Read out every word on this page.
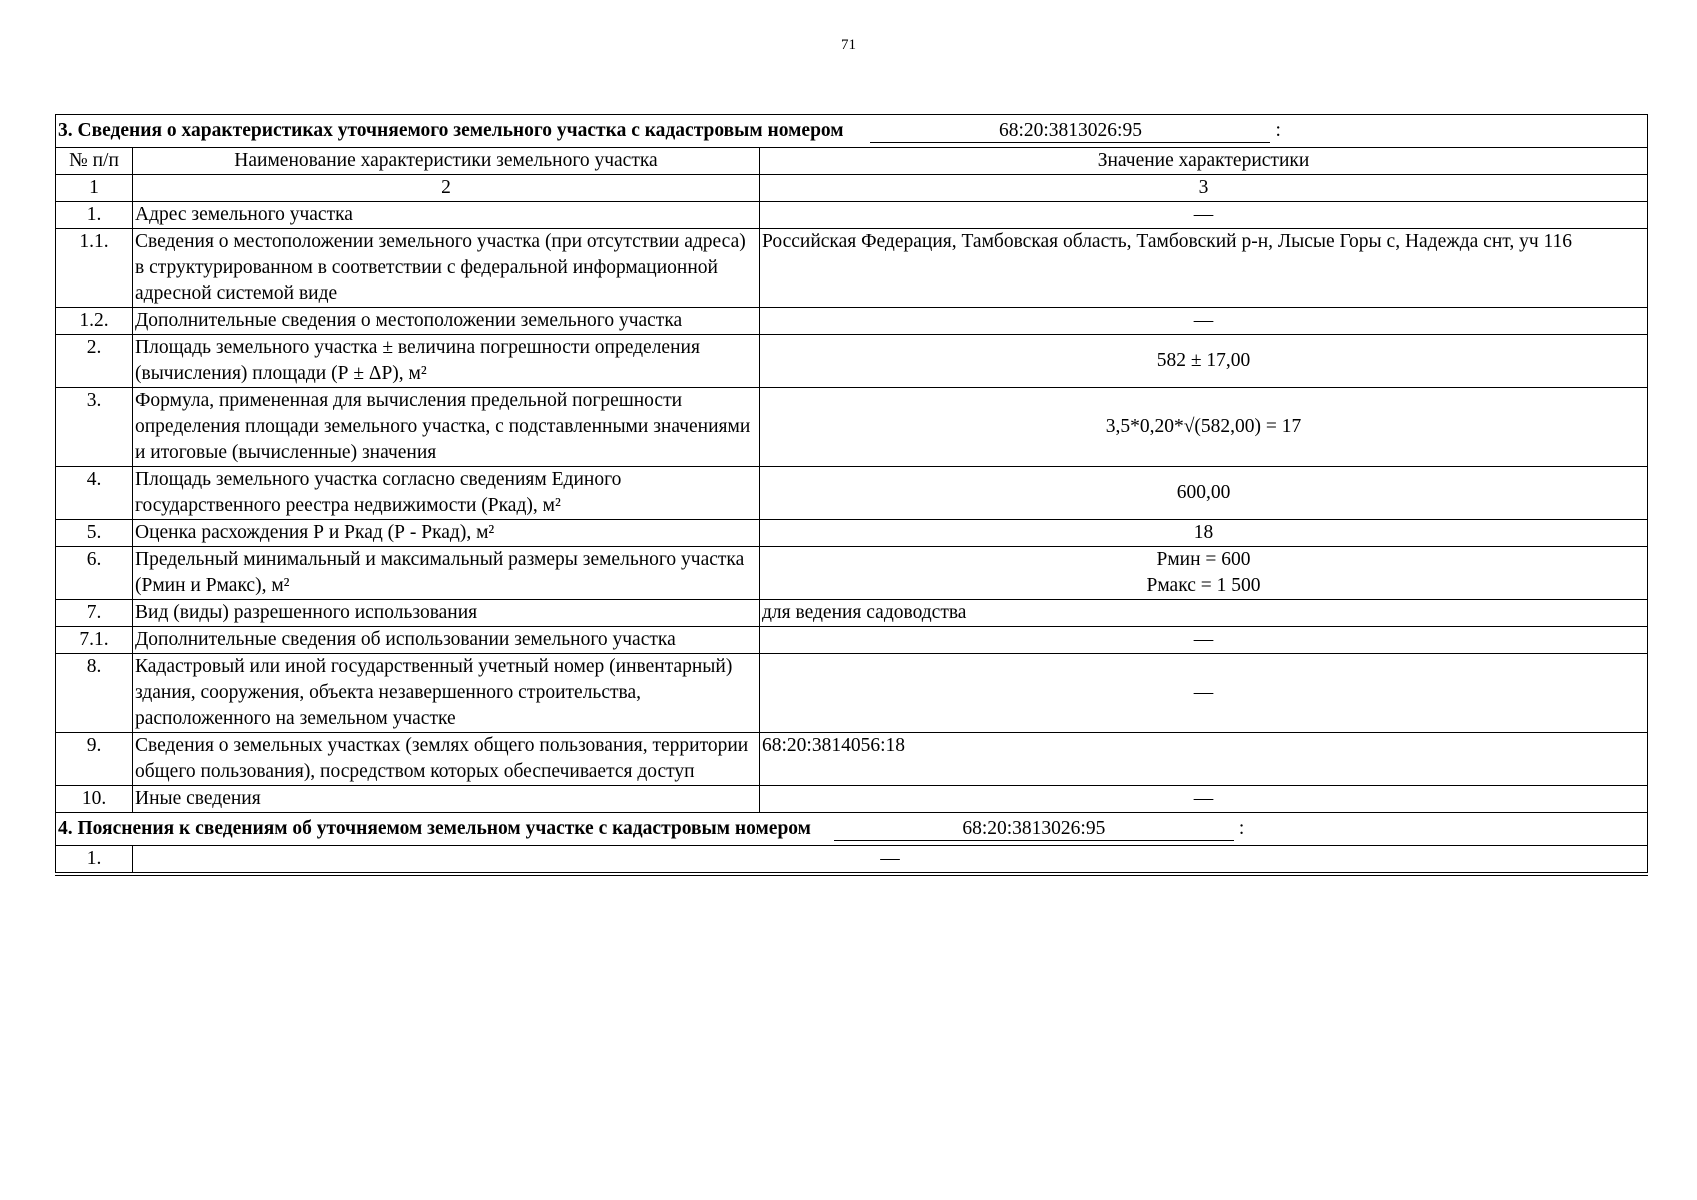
71
3. Сведения о характеристиках уточняемого земельного участка с кадастровым номером 68:20:3813026:95 :		
№ п/п	Наименование характеристики земельного участка	Значение характеристики
1	2	3
1.	Адрес земельного участка	—
1.1.	Сведения о местоположении земельного участка (при отсутствии адреса) в структурированном в соответствии с федеральной информационной адресной системой виде	Российская Федерация, Тамбовская область, Тамбовский р-н, Лысые Горы с, Надежда снт, уч 116
1.2.	Дополнительные сведения о местоположении земельного участка	—
2.	Площадь земельного участка ± величина погрешности определения (вычисления) площади (Р ± ΔР), м²	582 ± 17,00
3.	Формула, примененная для вычисления предельной погрешности определения площади земельного участка, с подставленными значениями и итоговые (вычисленные) значения	3,5*0,20*√(582,00) = 17
4.	Площадь земельного участка согласно сведениям Единого государственного реестра недвижимости (Ркад), м²	600,00
5.	Оценка расхождения Р и Ркад (Р - Ркад), м²	18
6.	Предельный минимальный и максимальный размеры земельного участка (Рмин и Рмакс), м²	Рмин = 600
Рмакс = 1 500

7.	Вид (виды) разрешенного использования	для ведения садоводства
7.1.	Дополнительные сведения об использовании земельного участка	—
8.	Кадастровый или иной государственный учетный номер (инвентарный) здания, сооружения, объекта незавершенного строительства, расположенного на земельном участке	—
9.	Сведения о земельных участках (землях общего пользования, территории общего пользования), посредством которых обеспечивается доступ	68:20:3814056:18
10.	Иные сведения	—
4. Пояснения к сведениям об уточняемом земельном участке с кадастровым номером 68:20:3813026:95 :		
1.	—	
